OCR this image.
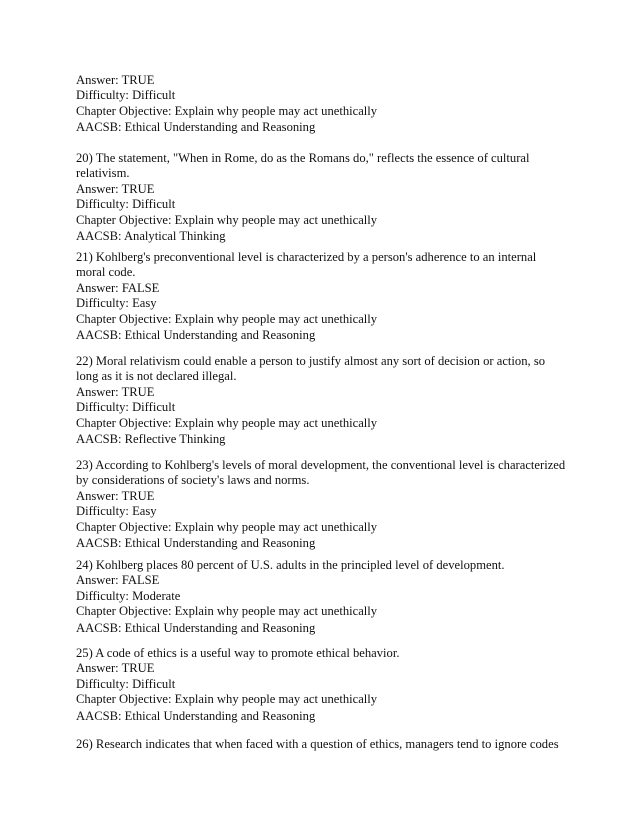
Answer: TRUE
Difficulty: Difficult
Chapter Objective: Explain why people may act unethically
AACSB: Ethical Understanding and Reasoning
20) The statement, "When in Rome, do as the Romans do," reflects the essence of cultural
relativism.
Answer: TRUE
Difficulty: Difficult
Chapter Objective: Explain why people may act unethically
AACSB: Analytical Thinking
21) Kohlberg's preconventional level is characterized by a person's adherence to an internal
moral code.
Answer: FALSE
Difficulty: Easy
Chapter Objective: Explain why people may act unethically
AACSB: Ethical Understanding and Reasoning
22) Moral relativism could enable a person to justify almost any sort of decision or action, so
long as it is not declared illegal.
Answer: TRUE
Difficulty: Difficult
Chapter Objective: Explain why people may act unethically
AACSB: Reflective Thinking
23) According to Kohlberg's levels of moral development, the conventional level is characterized
by considerations of society's laws and norms.
Answer: TRUE
Difficulty: Easy
Chapter Objective: Explain why people may act unethically
AACSB: Ethical Understanding and Reasoning
24) Kohlberg places 80 percent of U.S. adults in the principled level of development.
Answer: FALSE
Difficulty: Moderate
Chapter Objective: Explain why people may act unethically
AACSB: Ethical Understanding and Reasoning
25) A code of ethics is a useful way to promote ethical behavior.
Answer: TRUE
Difficulty: Difficult
Chapter Objective: Explain why people may act unethically
AACSB: Ethical Understanding and Reasoning
26) Research indicates that when faced with a question of ethics, managers tend to ignore codes
